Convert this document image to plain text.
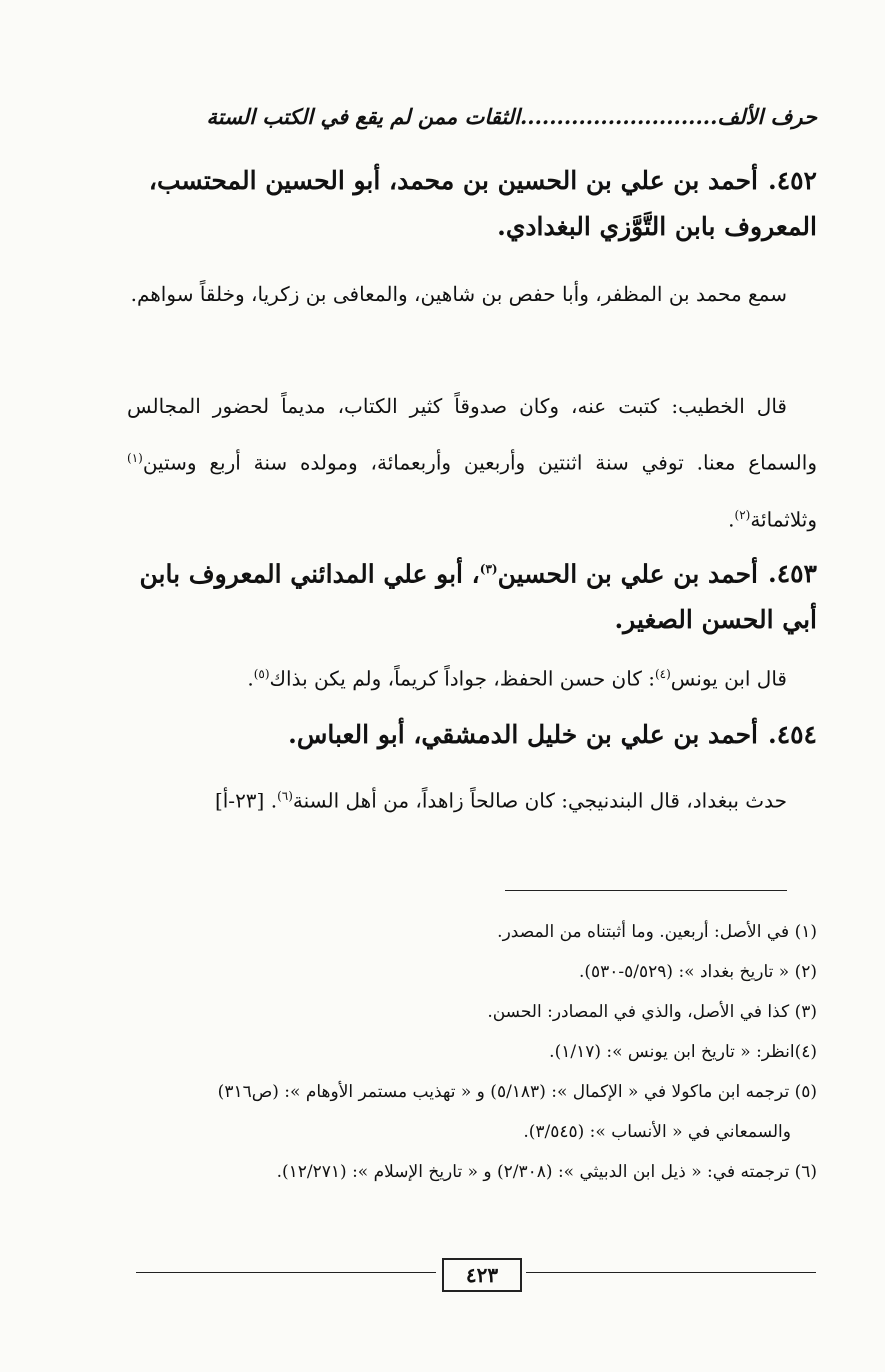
حرف الألف...........................الثقات ممن لم يقع في الكتب الستة
٤٥٢.أحمد بن علي بن الحسين بن محمد، أبو الحسين المحتسب، المعروف بابن التَّوَّزي البغدادي.
سمع محمد بن المظفر، وأبا حفص بن شاهين، والمعافى بن زكريا، وخلقاً سواهم.
قال الخطيب: كتبت عنه، وكان صدوقاً كثير الكتاب، مديماً لحضور المجالس والسماع معنا. توفي سنة اثنتين وأربعين وأربعمائة، ومولده سنة أربع وستين$^{(١)}$ وثلاثمائة$^{(٢)}$.
٤٥٣.أحمد بن علي بن الحسين$^{(٣)}$، أبو علي المدائني المعروف بابن أبي الحسن الصغير.
قال ابن يونس$^{(٤)}$: كان حسن الحفظ، جواداً كريماً، ولم يكن بذاك$^{(٥)}$.
٤٥٤.أحمد بن علي بن خليل الدمشقي، أبو العباس.
حدث ببغداد، قال البندنيجي: كان صالحاً زاهداً، من أهل السنة$^{(٦)}$. [٢٣-أ]
(١) في الأصل: أربعين. وما أثبتناه من المصدر.
(٢) « تاريخ بغداد »: (٥/٥٢٩-٥٣٠).
(٣) كذا في الأصل، والذي في المصادر: الحسن.
(٤)انظر: « تاريخ ابن يونس »: (١/١٧).
(٥) ترجمه ابن ماكولا في « الإكمال »: (٥/١٨٣) و « تهذيب مستمر الأوهام »: (ص٣١٦)
والسمعاني في « الأنساب »: (٣/٥٤٥).
(٦) ترجمته في: « ذيل ابن الدبيثي »: (٢/٣٠٨) و « تاريخ الإسلام »: (١٢/٢٧١).
٤٢٣
